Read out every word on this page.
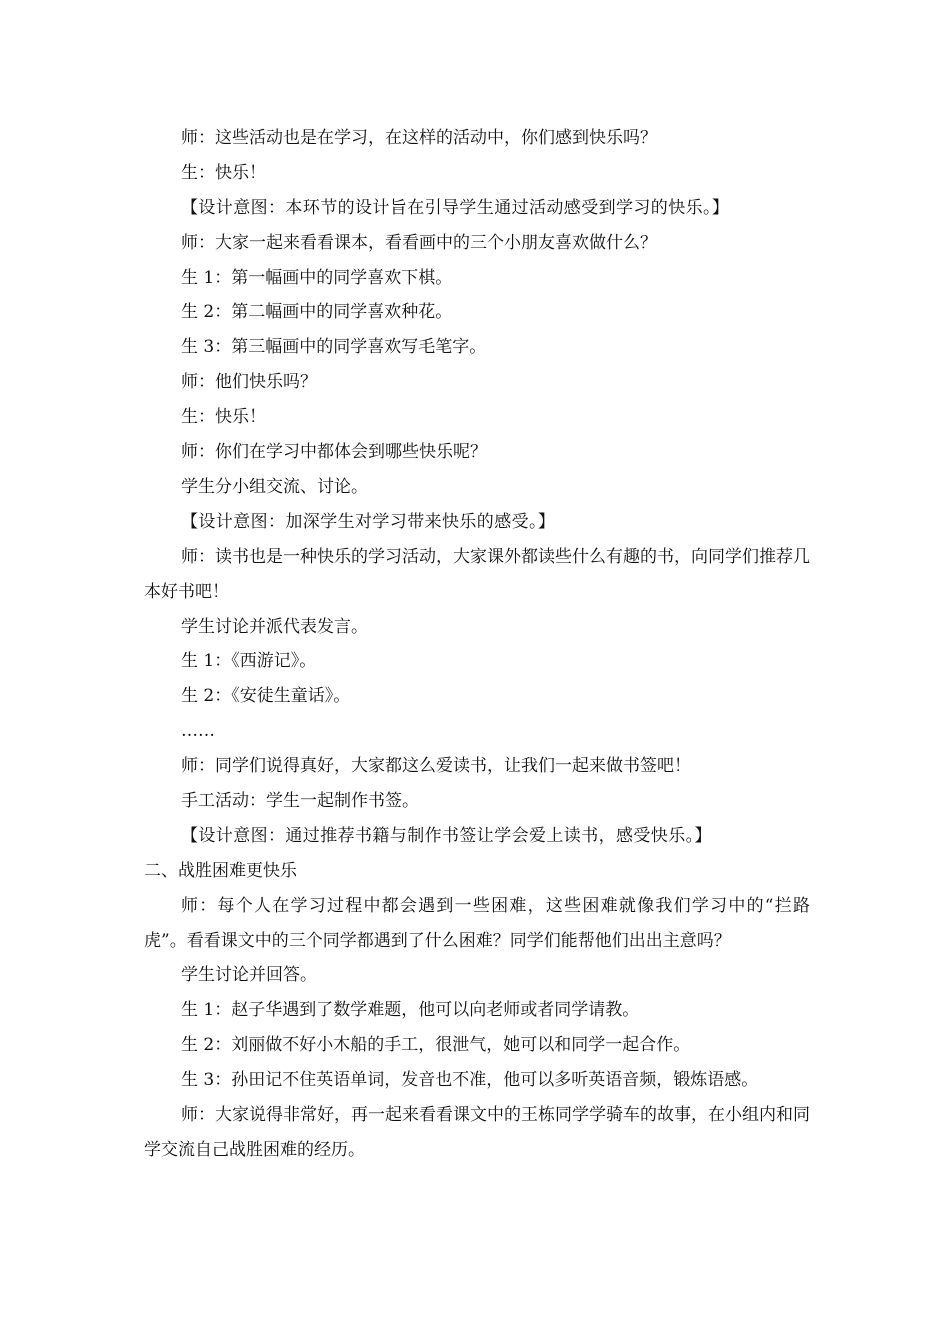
师：这些活动也是在学习，在这样的活动中，你们感到快乐吗？
生：快乐！
【设计意图：本环节的设计旨在引导学生通过活动感受到学习的快乐。】
师：大家一起来看看课本，看看画中的三个小朋友喜欢做什么？
生 1：第一幅画中的同学喜欢下棋。
生 2：第二幅画中的同学喜欢种花。
生 3：第三幅画中的同学喜欢写毛笔字。
师：他们快乐吗？
生：快乐！
师：你们在学习中都体会到哪些快乐呢？
学生分小组交流、讨论。
【设计意图：加深学生对学习带来快乐的感受。】
师：读书也是一种快乐的学习活动，大家课外都读些什么有趣的书，向同学们推荐几本好书吧！
学生讨论并派代表发言。
生 1：《西游记》。
生 2：《安徒生童话》。
……
师：同学们说得真好，大家都这么爱读书，让我们一起来做书签吧！
手工活动：学生一起制作书签。
【设计意图：通过推荐书籍与制作书签让学会爱上读书，感受快乐。】
二、战胜困难更快乐
师：每个人在学习过程中都会遇到一些困难，这些困难就像我们学习中的“拦路虎”。看看课文中的三个同学都遇到了什么困难？同学们能帮他们出出主意吗？
学生讨论并回答。
生 1：赵子华遇到了数学难题，他可以向老师或者同学请教。
生 2：刘丽做不好小木船的手工，很泄气，她可以和同学一起合作。
生 3：孙田记不住英语单词，发音也不准，他可以多听英语音频，锻炼语感。
师：大家说得非常好，再一起来看看课文中的王栋同学学骑车的故事，在小组内和同学交流自己战胜困难的经历。
